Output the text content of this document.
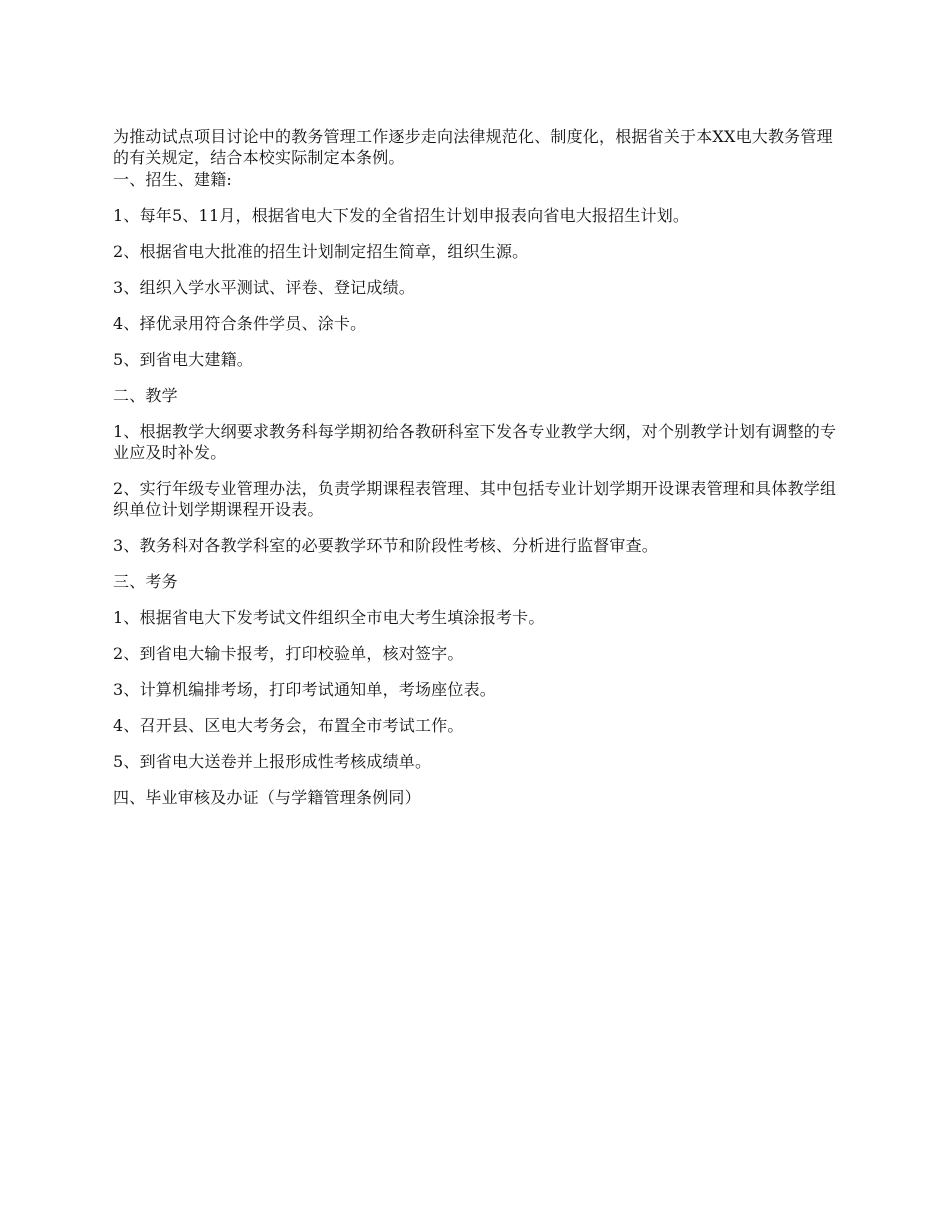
为推动试点项目讨论中的教务管理工作逐步走向法律规范化、制度化，根据省关于本XX电大教务管理的有关规定，结合本校实际制定本条例。

一、招生、建籍:

1、每年5、11月，根据省电大下发的全省招生计划申报表向省电大报招生计划。

2、根据省电大批准的招生计划制定招生简章，组织生源。

3、组织入学水平测试、评卷、登记成绩。

4、择优录用符合条件学员、涂卡。

5、到省电大建籍。

二、教学

1、根据教学大纲要求教务科每学期初给各教研科室下发各专业教学大纲，对个别教学计划有调整的专业应及时补发。

2、实行年级专业管理办法，负责学期课程表管理、其中包括专业计划学期开设课表管理和具体教学组织单位计划学期课程开设表。

3、教务科对各教学科室的必要教学环节和阶段性考核、分析进行监督审查。

三、考务

1、根据省电大下发考试文件组织全市电大考生填涂报考卡。

2、到省电大输卡报考，打印校验单，核对签字。

3、计算机编排考场，打印考试通知单，考场座位表。

4、召开县、区电大考务会，布置全市考试工作。

5、到省电大送卷并上报形成性考核成绩单。

四、毕业审核及办证（与学籍管理条例同）
